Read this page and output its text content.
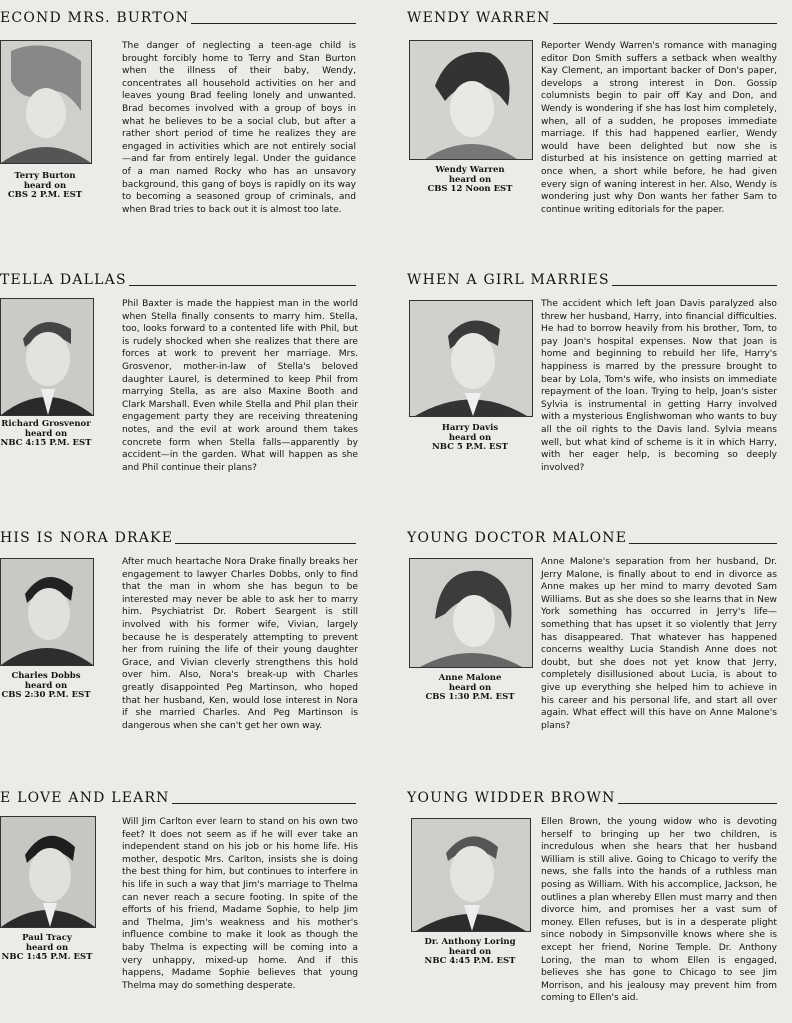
ECOND MRS. BURTON
Terry Burton
heard on
CBS 2 P.M. EST

The danger of neglecting a teen-age child is brought forcibly home to Terry and Stan Burton when the illness of their baby, Wendy, concentrates all household activities on her and leaves young Brad feeling lonely and unwanted. Brad becomes involved with a group of boys in what he believes to be a social club, but after a rather short period of time he realizes they are engaged in activities which are not entirely social—and far from entirely legal. Under the guidance of a man named Rocky who has an unsavory background, this gang of boys is rapidly on its way to becoming a seasoned group of criminals, and when Brad tries to back out it is almost too late.

WENDY WARREN
Wendy Warren
heard on
CBS 12 Noon EST

Reporter Wendy Warren's romance with managing editor Don Smith suffers a setback when wealthy Kay Clement, an important backer of Don's paper, develops a strong interest in Don. Gossip columnists begin to pair off Kay and Don, and Wendy is wondering if she has lost him completely, when, all of a sudden, he proposes immediate marriage. If this had happened earlier, Wendy would have been delighted but now she is disturbed at his insistence on getting married at once when, a short while before, he had given every sign of waning interest in her. Also, Wendy is wondering just why Don wants her father Sam to continue writing editorials for the paper.

TELLA DALLAS
Richard Grosvenor
heard on
NBC 4:15 P.M. EST

Phil Baxter is made the happiest man in the world when Stella finally consents to marry him. Stella, too, looks forward to a contented life with Phil, but is rudely shocked when she realizes that there are forces at work to prevent her marriage. Mrs. Grosvenor, mother-in-law of Stella's beloved daughter Laurel, is determined to keep Phil from marrying Stella, as are also Maxine Booth and Clark Marshall. Even while Stella and Phil plan their engagement party they are receiving threatening notes, and the evil at work around them takes concrete form when Stella falls—apparently by accident—in the garden. What will happen as she and Phil continue their plans?

WHEN A GIRL MARRIES
Harry Davis
heard on
NBC 5 P.M. EST

The accident which left Joan Davis paralyzed also threw her husband, Harry, into financial difficulties. He had to borrow heavily from his brother, Tom, to pay Joan's hospital expenses. Now that Joan is home and beginning to rebuild her life, Harry's happiness is marred by the pressure brought to bear by Lola, Tom's wife, who insists on immediate repayment of the loan. Trying to help, Joan's sister Sylvia is instrumental in getting Harry involved with a mysterious Englishwoman who wants to buy all the oil rights to the Davis land. Sylvia means well, but what kind of scheme is it in which Harry, with her eager help, is becoming so deeply involved?

HIS IS NORA DRAKE
Charles Dobbs
heard on
CBS 2:30 P.M. EST

After much heartache Nora Drake finally breaks her engagement to lawyer Charles Dobbs, only to find that the man in whom she has begun to be interested may never be able to ask her to marry him. Psychiatrist Dr. Robert Seargent is still involved with his former wife, Vivian, largely because he is desperately attempting to prevent her from ruining the life of their young daughter Grace, and Vivian cleverly strengthens this hold over him. Also, Nora's break-up with Charles greatly disappointed Peg Martinson, who hoped that her husband, Ken, would lose interest in Nora if she married Charles. And Peg Martinson is dangerous when she can't get her own way.

YOUNG DOCTOR MALONE
Anne Malone
heard on
CBS 1:30 P.M. EST

Anne Malone's separation from her husband, Dr. Jerry Malone, is finally about to end in divorce as Anne makes up her mind to marry devoted Sam Williams. But as she does so she learns that in New York something has occurred in Jerry's life—something that has upset it so violently that Jerry has disappeared. That whatever has happened concerns wealthy Lucia Standish Anne does not doubt, but she does not yet know that Jerry, completely disillusioned about Lucia, is about to give up everything she helped him to achieve in his career and his personal life, and start all over again. What effect will this have on Anne Malone's plans?

E LOVE AND LEARN
Paul Tracy
heard on
NBC 1:45 P.M. EST

Will Jim Carlton ever learn to stand on his own two feet? It does not seem as if he will ever take an independent stand on his job or his home life. His mother, despotic Mrs. Carlton, insists she is doing the best thing for him, but continues to interfere in his life in such a way that Jim's marriage to Thelma can never reach a secure footing. In spite of the efforts of his friend, Madame Sophie, to help Jim and Thelma, Jim's weakness and his mother's influence combine to make it look as though the baby Thelma is expecting will be coming into a very unhappy, mixed-up home. And if this happens, Madame Sophie believes that young Thelma may do something desperate.

YOUNG WIDDER BROWN
Dr. Anthony Loring
heard on
NBC 4:45 P.M. EST

Ellen Brown, the young widow who is devoting herself to bringing up her two children, is incredulous when she hears that her husband William is still alive. Going to Chicago to verify the news, she falls into the hands of a ruthless man posing as William. With his accomplice, Jackson, he outlines a plan whereby Ellen must marry and then divorce him, and promises her a vast sum of money. Ellen refuses, but is in a desperate plight since nobody in Simpsonville knows where she is except her friend, Norine Temple. Dr. Anthony Loring, the man to whom Ellen is engaged, believes she has gone to Chicago to see Jim Morrison, and his jealousy may prevent him from coming to Ellen's aid.
